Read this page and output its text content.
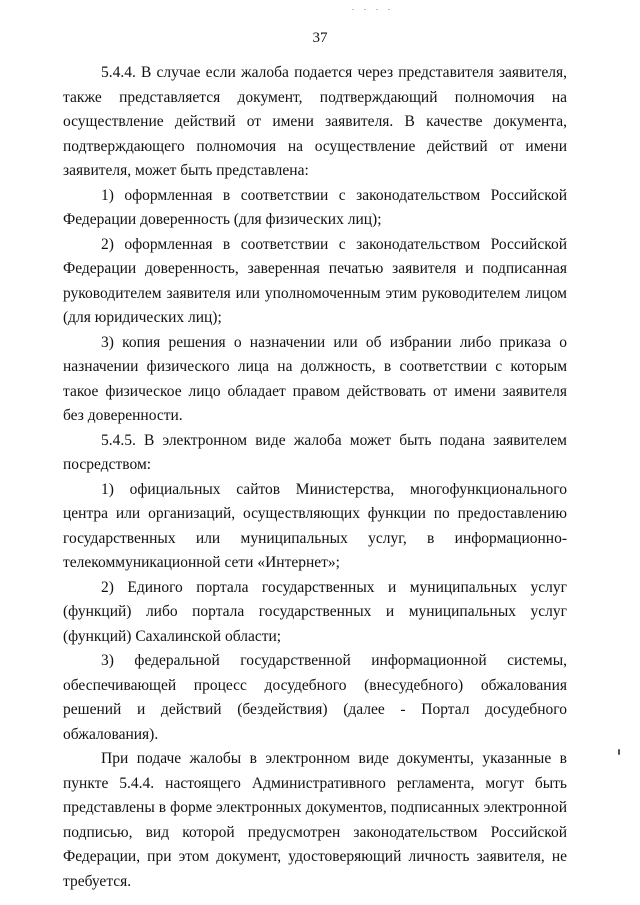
37

5.4.4. В случае если жалоба подается через представителя заявителя, также представляется документ, подтверждающий полномочия на осуществление действий от имени заявителя. В качестве документа, подтверждающего полномочия на осуществление действий от имени заявителя, может быть представлена:

1) оформленная в соответствии с законодательством Российской Федерации доверенность (для физических лиц);

2) оформленная в соответствии с законодательством Российской Федерации доверенность, заверенная печатью заявителя и подписанная руководителем заявителя или уполномоченным этим руководителем лицом (для юридических лиц);

3) копия решения о назначении или об избрании либо приказа о назначении физического лица на должность, в соответствии с которым такое физическое лицо обладает правом действовать от имени заявителя без доверенности.

5.4.5. В электронном виде жалоба может быть подана заявителем посредством:

1) официальных сайтов Министерства, многофункционального центра или организаций, осуществляющих функции по предоставлению государственных или муниципальных услуг, в информационно-телекоммуникационной сети «Интернет»;

2) Единого портала государственных и муниципальных услуг (функций) либо портала государственных и муниципальных услуг (функций) Сахалинской области;

3) федеральной государственной информационной системы, обеспечивающей процесс досудебного (внесудебного) обжалования решений и действий (бездействия) (далее - Портал досудебного обжалования).

При подаче жалобы в электронном виде документы, указанные в пункте 5.4.4. настоящего Административного регламента, могут быть представлены в форме электронных документов, подписанных электронной подписью, вид которой предусмотрен законодательством Российской Федерации, при этом документ, удостоверяющий личность заявителя, не требуется.
